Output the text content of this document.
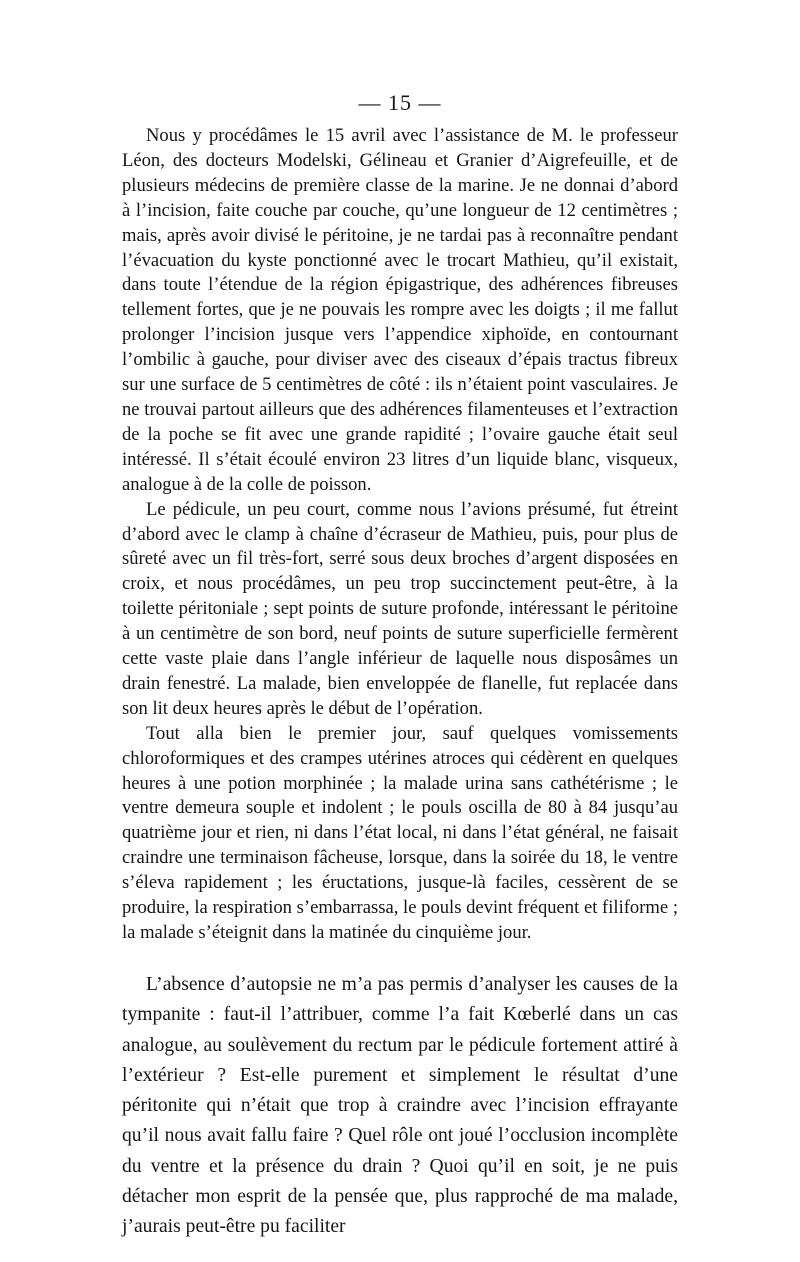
— 15 —

Nous y procédâmes le 15 avril avec l’assistance de M. le professeur Léon, des docteurs Modelski, Gélineau et Granier d’Aigrefeuille, et de plusieurs médecins de première classe de la marine. Je ne donnai d’abord à l’incision, faite couche par couche, qu’une longueur de 12 centimètres ; mais, après avoir divisé le péritoine, je ne tardai pas à reconnaître pendant l’évacuation du kyste ponctionné avec le trocart Mathieu, qu’il existait, dans toute l’étendue de la région épigastrique, des adhérences fibreuses tellement fortes, que je ne pouvais les rompre avec les doigts ; il me fallut prolonger l’incision jusque vers l’appendice xiphoïde, en contournant l’ombilic à gauche, pour diviser avec des ciseaux d’épais tractus fibreux sur une surface de 5 centimètres de côté : ils n’étaient point vasculaires. Je ne trouvai partout ailleurs que des adhérences filamenteuses et l’extraction de la poche se fit avec une grande rapidité ; l’ovaire gauche était seul intéressé. Il s’était écoulé environ 23 litres d’un liquide blanc, visqueux, analogue à de la colle de poisson.

Le pédicule, un peu court, comme nous l’avions présumé, fut étreint d’abord avec le clamp à chaîne d’écraseur de Mathieu, puis, pour plus de sûreté avec un fil très-fort, serré sous deux broches d’argent disposées en croix, et nous procédâmes, un peu trop succinctement peut-être, à la toilette péritoniale ; sept points de suture profonde, intéressant le péritoine à un centimètre de son bord, neuf points de suture superficielle fermèrent cette vaste plaie dans l’angle inférieur de laquelle nous disposâmes un drain fenestré. La malade, bien enveloppée de flanelle, fut replacée dans son lit deux heures après le début de l’opération.

Tout alla bien le premier jour, sauf quelques vomissements chloroformiques et des crampes utérines atroces qui cédèrent en quelques heures à une potion morphinée ; la malade urina sans cathétérisme ; le ventre demeura souple et indolent ; le pouls oscilla de 80 à 84 jusqu’au quatrième jour et rien, ni dans l’état local, ni dans l’état général, ne faisait craindre une terminaison fâcheuse, lorsque, dans la soirée du 18, le ventre s’éleva rapidement ; les éructations, jusque-là faciles, cessèrent de se produire, la respiration s’embarrassa, le pouls devint fréquent et filiforme ; la malade s’éteignit dans la matinée du cinquième jour.

L’absence d’autopsie ne m’a pas permis d’analyser les causes de la tympanite : faut-il l’attribuer, comme l’a fait Kœberlé dans un cas analogue, au soulèvement du rectum par le pédicule fortement attiré à l’extérieur ? Est-elle purement et simplement le résultat d’une péritonite qui n’était que trop à craindre avec l’incision effrayante qu’il nous avait fallu faire ? Quel rôle ont joué l’occlusion incomplète du ventre et la présence du drain ? Quoi qu’il en soit, je ne puis détacher mon esprit de la pensée que, plus rapproché de ma malade, j’aurais peut-être pu faciliter
